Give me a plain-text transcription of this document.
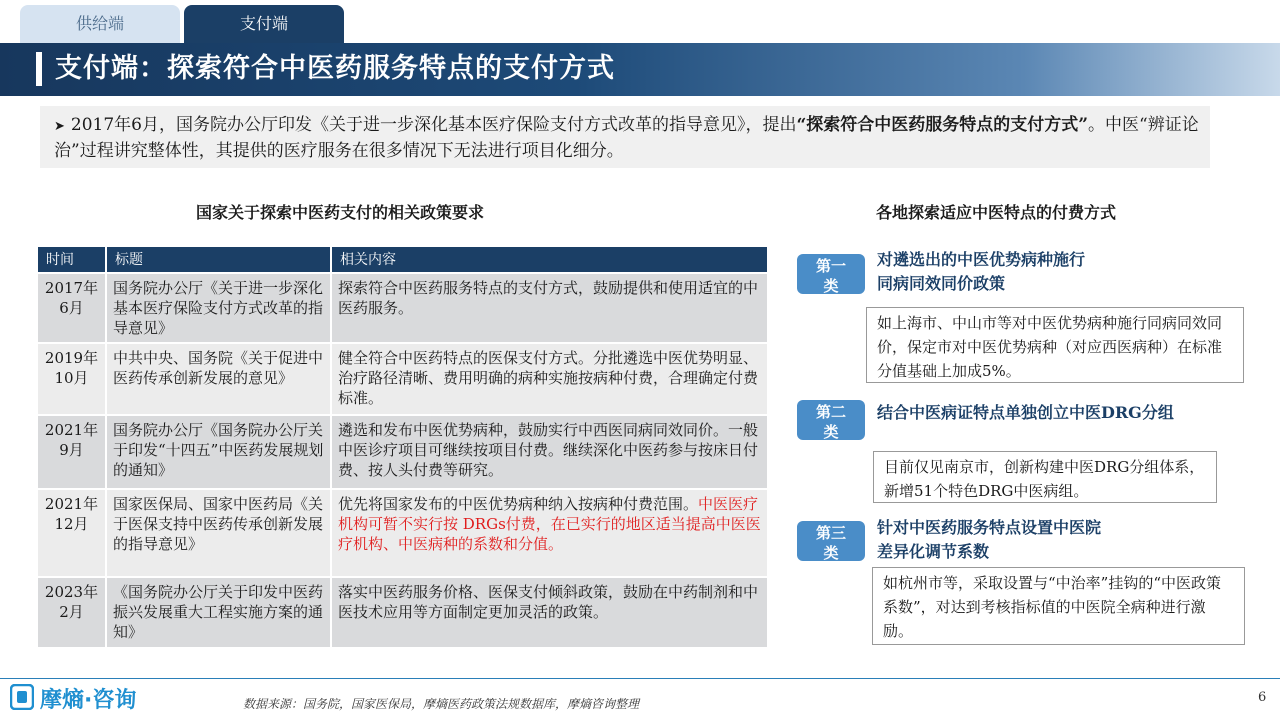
供给端	支付端
支付端：探索符合中医药服务特点的支付方式

➤ 2017年6月，国务院办公厅印发《关于进一步深化基本医疗保险支付方式改革的指导意见》，提出“探索符合中医药服务特点的支付方式”。中医“辨证论治”过程讲究整体性，其提供的医疗服务在很多情况下无法进行项目化细分。

国家关于探索中医药支付的相关政策要求	各地探索适应中医特点的付费方式
时间	标题	相关内容
2017年6月	国务院办公厅《关于进一步深化基本医疗保险支付方式改革的指导意见》	探索符合中医药服务特点的支付方式，鼓励提供和使用适宜的中医药服务。
2019年10月	中共中央、国务院《关于促进中医药传承创新发展的意见》	健全符合中医药特点的医保支付方式。分批遴选中医优势明显、治疗路径清晰、费用明确的病种实施按病种付费，合理确定付费标准。
2021年9月	国务院办公厅《国务院办公厅关于印发“十四五”中医药发展规划的通知》	遴选和发布中医优势病种，鼓励实行中西医同病同效同价。一般中医诊疗项目可继续按项目付费。继续深化中医药参与按床日付费、按人头付费等研究。
2021年12月	国家医保局、国家中医药局《关于医保支持中医药传承创新发展的指导意见》	优先将国家发布的中医优势病种纳入按病种付费范围。中医医疗机构可暂不实行按 DRGs付费，在已实行的地区适当提高中医医疗机构、中医病种的系数和分值。
2023年2月	《国务院办公厅关于印发中医药振兴发展重大工程实施方案的通知》	落实中医药服务价格、医保支付倾斜政策，鼓励在中药制剂和中医技术应用等方面制定更加灵活的政策。
第一
类
对遴选出的中医优势病种施行同病同效同价政策
如上海市、中山市等对中医优势病种施行同病同效同价，保定市对中医优势病种（对应西医病种）在标准分值基础上加成5%。
第二
类
结合中医病证特点单独创立中医DRG分组
目前仅见南京市，创新构建中医DRG分组体系，新增51个特色DRG中医病组。
第三
类
针对中医药服务特点设置中医院差异化调节系数
如杭州市等，采取设置与“中治率”挂钩的“中医政策系数”，对达到考核指标值的中医院全病种进行激励。
摩熵·咨询	数据来源：国务院，国家医保局，摩熵医药政策法规数据库，摩熵咨询整理	6
